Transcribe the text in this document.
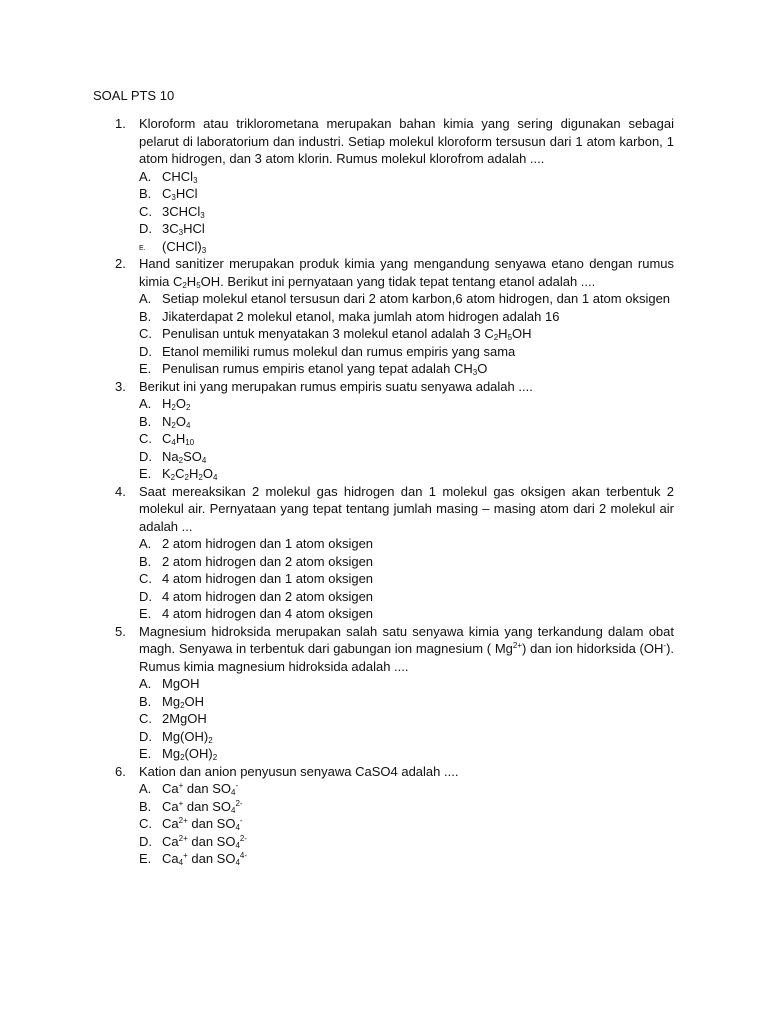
SOAL PTS 10
1. Kloroform atau triklorometana merupakan bahan kimia yang sering digunakan sebagai pelarut di laboratorium dan industri. Setiap molekul kloroform tersusun dari 1 atom karbon, 1 atom hidrogen, dan 3 atom klorin. Rumus molekul klorofrom adalah ....
A. CHCl$_3$
B. $C_3HCl$
C. 3CHCl$_3$
D. $3C_3HCl$
E. $(CHCl)_3$
2. Hand sanitizer merupakan produk kimia yang mengandung senyawa etano dengan rumus kimia $C_2H_5OH$. Berikut ini pernyataan yang tidak tepat tentang etanol adalah ....
A. Setiap molekul etanol tersusun dari 2 atom karbon,6 atom hidrogen, dan 1 atom oksigen
B. Jikaterdapat 2 molekul etanol, maka jumlah atom hidrogen adalah 16
C. Penulisan untuk menyatakan 3 molekul etanol adalah 3 $C_2H_5OH$
D. Etanol memiliki rumus molekul dan rumus empiris yang sama
E. Penulisan rumus empiris etanol yang tepat adalah $CH_3O$
3. Berikut ini yang merupakan rumus empiris suatu senyawa adalah ....
A. $H_2O_2$
B. $N_2O_4$
C. $C_4H_{10}$
D. $Na_2SO_4$
E. $K_2C_2H_2O_4$
4. Saat mereaksikan 2 molekul gas hidrogen dan 1 molekul gas oksigen akan terbentuk 2 molekul air. Pernyataan yang tepat tentang jumlah masing – masing atom dari 2 molekul air adalah ...
A. 2 atom hidrogen dan 1 atom oksigen
B. 2 atom hidrogen dan 2 atom oksigen
C. 4 atom hidrogen dan 1 atom oksigen
D. 4 atom hidrogen dan 2 atom oksigen
E. 4 atom hidrogen dan 4 atom oksigen
5. Magnesium hidroksida merupakan salah satu senyawa kimia yang terkandung dalam obat magh. Senyawa in terbentuk dari gabungan ion magnesium ( $Mg^{2+}$) dan ion hidorksida (OH-). Rumus kimia magnesium hidroksida adalah ....
A. MgOH
B. $Mg_2OH$
C. 2MgOH
D. $Mg(OH)_2$
E. $Mg_2(OH)_2$
6. Kation dan anion penyusun senyawa CaSO4 adalah ....
A. Ca+ dan $SO_4^-$
B. Ca+ dan $SO_4^{2-}$
C. $Ca^{2+}$ dan $SO_4^-$
D. $Ca^{2+}$ dan $SO_4^{2-}$
E. $Ca_4^+$ dan $SO_4^{4-}$
